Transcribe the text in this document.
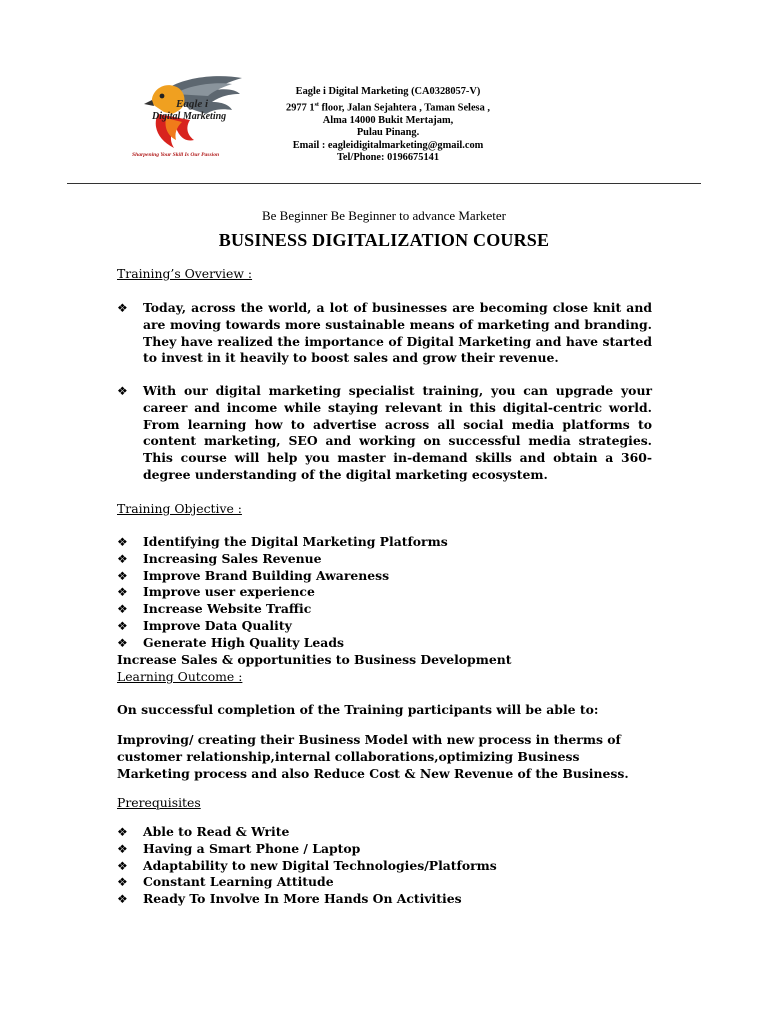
Eagle i
Digital Marketing
Sharpening Your Skill Is Our Passion
Eagle i Digital Marketing (CA0328057-V)
2977 1st floor, Jalan Sejahtera , Taman Selesa ,
Alma 14000 Bukit Mertajam,
Pulau Pinang.
Email : eagleidigitalmarketing@gmail.com
Tel/Phone: 0196675141
Be Beginner Be Beginner to advance Marketer
BUSINESS DIGITALIZATION COURSE
Training’s Overview :
❖ Today, across the world, a lot of businesses are becoming close knit and are moving towards more sustainable means of marketing and branding. They have realized the importance of Digital Marketing and have started to invest in it heavily to boost sales and grow their revenue.
❖ With our digital marketing specialist training, you can upgrade your career and income while staying relevant in this digital-centric world. From learning how to advertise across all social media platforms to content marketing, SEO and working on successful media strategies. This course will help you master in-demand skills and obtain a 360-degree understanding of the digital marketing ecosystem.
Training Objective :
❖ Identifying the Digital Marketing Platforms
❖ Increasing Sales Revenue
❖ Improve Brand Building Awareness
❖ Improve user experience
❖ Increase Website Traffic
❖ Improve Data Quality
❖ Generate High Quality Leads
Increase Sales & opportunities to Business Development
Learning Outcome :
On successful completion of the Training participants will be able to:
Improving/ creating their Business Model with new process in therms of customer relationship,internal collaborations,optimizing Business Marketing process and also Reduce Cost & New Revenue of the Business.
Prerequisites
❖ Able to Read & Write
❖ Having a Smart Phone / Laptop
❖ Adaptability to new Digital Technologies/Platforms
❖ Constant Learning Attitude
❖ Ready To Involve In More Hands On Activities
